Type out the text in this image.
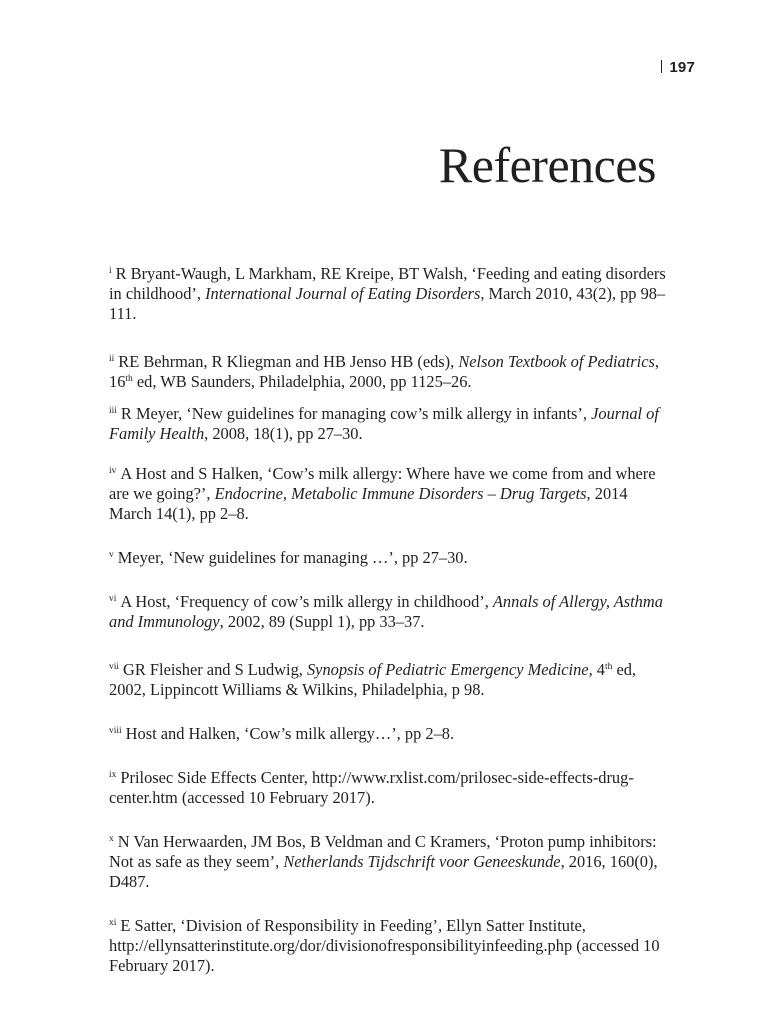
197
References

$^i$ R Bryant-Waugh, L Markham, RE Kreipe, BT Walsh, ‘Feeding and eating disorders in childhood’, International Journal of Eating Disorders, March 2010, 43(2), pp 98–111.

$^{ii}$ RE Behrman, R Kliegman and HB Jenso HB (eds), Nelson Textbook of Pediatrics, 16th ed, WB Saunders, Philadelphia, 2000, pp 1125–26.

$^{iii}$ R Meyer, ‘New guidelines for managing cow’s milk allergy in infants’, Journal of Family Health, 2008, 18(1), pp 27–30.

$^{iv}$ A Host and S Halken, ‘Cow’s milk allergy: Where have we come from and where are we going?’, Endocrine, Metabolic Immune Disorders – Drug Targets, 2014 March 14(1), pp 2–8.

$^v$ Meyer, ‘New guidelines for managing …’, pp 27–30.

$^{vi}$ A Host, ‘Frequency of cow’s milk allergy in childhood’, Annals of Allergy, Asthma and Immunology, 2002, 89 (Suppl 1), pp 33–37.

$^{vii}$ GR Fleisher and S Ludwig, Synopsis of Pediatric Emergency Medicine, 4th ed, 2002, Lippincott Williams & Wilkins, Philadelphia, p 98.

$^{viii}$ Host and Halken, ‘Cow’s milk allergy…’, pp 2–8.

$^{ix}$ Prilosec Side Effects Center, http://www.rxlist.com/prilosec-side-effects-drug-center.htm (accessed 10 February 2017).

$^x$ N Van Herwaarden, JM Bos, B Veldman and C Kramers, ‘Proton pump inhibitors: Not as safe as they seem’, Netherlands Tijdschrift voor Geneeskunde, 2016, 160(0), D487.

$^{xi}$ E Satter, ‘Division of Responsibility in Feeding’, Ellyn Satter Institute, http://ellynsatterinstitute.org/dor/divisionofresponsibilityinfeeding.php (accessed 10 February 2017).
